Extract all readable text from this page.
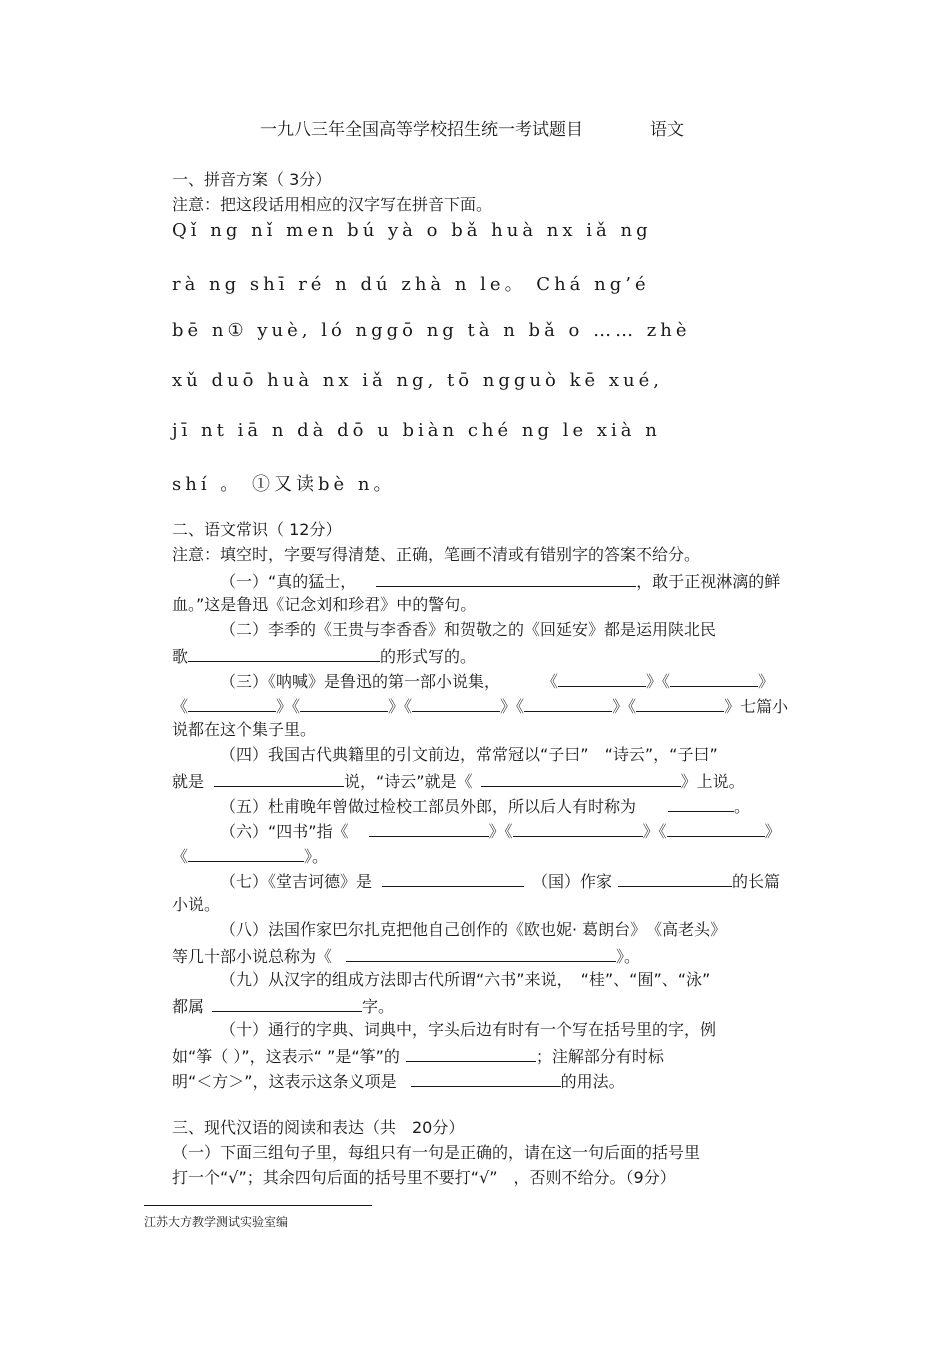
一九八三年全国高等学校招生统一考试题目	语文
一、拼音方案（ 3分）
注意：把这段话用相应的汉字写在拼音下面。
Qǐ ng nǐ men bú yà o bǎ huà nx iǎ ng
rà ng shī ré n dú zhà n le。 Chá ng’é
bē n① yuè, ló nggō ng tà n bǎ o …… zhè
xǔ duō huà nx iǎ ng, tō ngguò kē xué,
jī nt iā n dà dō u biàn ché ng le xià n
shí 。 ①又读bè n。
二、语文常识（ 12分）
注意：填空时，字要写得清楚、正确，笔画不清或有错别字的答案不给分。
（一）“真的猛士，	，敢于正视淋漓的鲜
血。”这是鲁迅《记念刘和珍君》中的警句。
（二）李季的《王贵与李香香》和贺敬之的《回延安》都是运用陕北民
歌	的形式写的。
（三）《呐喊》是鲁迅的第一部小说集，	《	》《	》
《	》《	》《	》《	》《	》七篇小
说都在这个集子里。
（四）我国古代典籍里的引文前边，常常冠以“子曰”　“诗云”，“子曰”
就是	说，“诗云”就是《	》上说。
（五）杜甫晚年曾做过检校工部员外郎，所以后人有时称为	。
（六）“四书”指《	》《	》《	》
《	》。
（七）《堂吉诃德》是	（国）作家	的长篇
小说。
（八）法国作家巴尔扎克把他自己创作的《欧也妮· 葛朗台》　《高老头》
等几十部小说总称为《	》。
（九）从汉字的组成方法即古代所谓“六书”来说，　“桂”、“囿”、“泳”
都属	字。
（十）通行的字典、词典中，字头后边有时有一个写在括号里的字，例
如“筝（ ）”，这表示“ ”是“筝”的	；注解部分有时标
明“＜方＞”，这表示这条义项是	的用法。
三、现代汉语的阅读和表达（共　20分）
（一）下面三组句子里，每组只有一句是正确的，请在这一句后面的括号里
打一个“√”；其余四句后面的括号里不要打“√”　，否则不给分。（9分）
江苏大方教学测试实验室编
